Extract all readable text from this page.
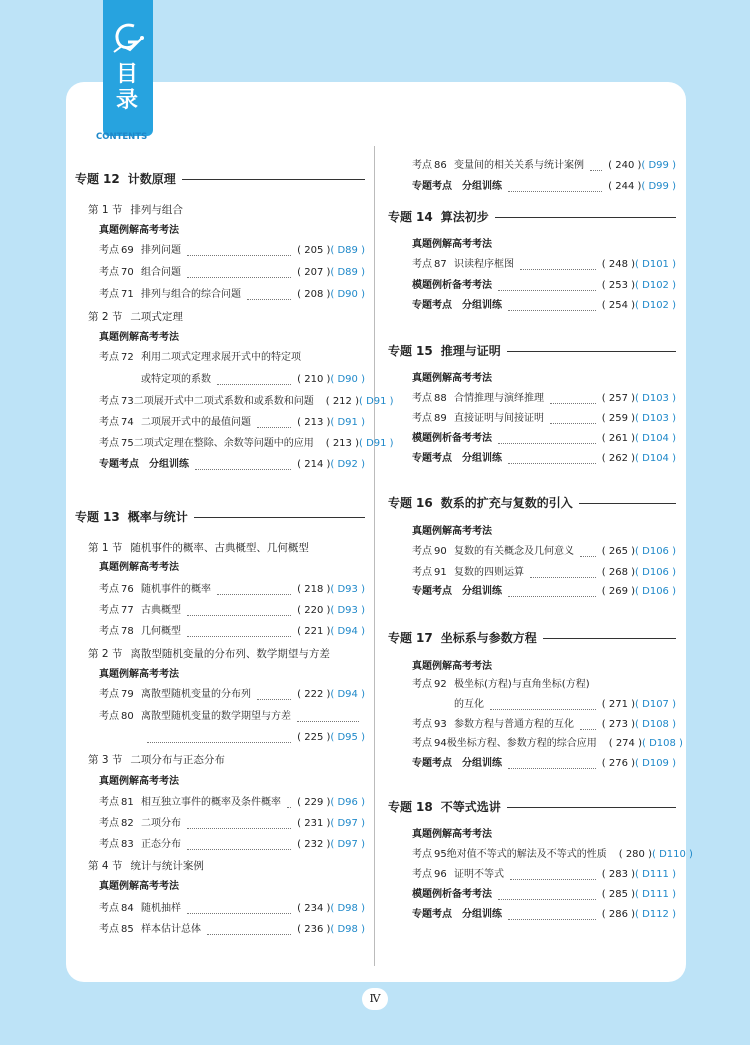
目录
CONTENTS
专题 12 计数原理
第 1 节 排列与组合
真题例解高考考法
考点 69 排列问题	( 205 ) ( D89 )
考点 70 组合问题	( 207 ) ( D89 )
考点 71 排列与组合的综合问题	( 208 ) ( D90 )
第 2 节 二项式定理
真题例解高考考法
考点 72 利用二项式定理求展开式中的特定项
或特定项的系数	( 210 ) ( D90 )
考点 73 二项展开式中二项式系数和或系数和问题 ( 212 ) ( D91 )
考点 74 二项展开式中的最值问题	( 213 ) ( D91 )
考点 75 二项式定理在整除、余数等问题中的应用 ( 213 ) ( D91 )
专题考点 分组训练	( 214 ) ( D92 )
专题 13 概率与统计
第 1 节 随机事件的概率、古典概型、几何概型
真题例解高考考法
考点 76 随机事件的概率	( 218 ) ( D93 )
考点 77 古典概型	( 220 ) ( D93 )
考点 78 几何概型	( 221 ) ( D94 )
第 2 节 离散型随机变量的分布列、数学期望与方差
真题例解高考考法
考点 79 离散型随机变量的分布列	( 222 ) ( D94 )
考点 80 离散型随机变量的数学期望与方差
( 225 ) ( D95 )
第 3 节 二项分布与正态分布
真题例解高考考法
考点 81 相互独立事件的概率及条件概率 ( 229 ) ( D96 )
考点 82 二项分布	( 231 ) ( D97 )
考点 83 正态分布	( 232 ) ( D97 )
第 4 节 统计与统计案例
真题例解高考考法
考点 84 随机抽样	( 234 ) ( D98 )
考点 85 样本估计总体	( 236 ) ( D98 )
考点 86 变量间的相关关系与统计案例 ( 240 ) ( D99 )
专题考点 分组训练	( 244 ) ( D99 )
专题 14 算法初步
真题例解高考考法
考点 87 识读程序框图	( 248 ) ( D101 )
模题例析备考考法	( 253 ) ( D102 )
专题考点 分组训练	( 254 ) ( D102 )
专题 15 推理与证明
真题例解高考考法
考点 88 合情推理与演绎推理	( 257 ) ( D103 )
考点 89 直接证明与间接证明	( 259 ) ( D103 )
模题例析备考考法	( 261 ) ( D104 )
专题考点 分组训练	( 262 ) ( D104 )
专题 16 数系的扩充与复数的引入
真题例解高考考法
考点 90 复数的有关概念及几何意义	( 265 ) ( D106 )
考点 91 复数的四则运算	( 268 ) ( D106 )
专题考点 分组训练	( 269 ) ( D106 )
专题 17 坐标系与参数方程
真题例解高考考法
考点 92 极坐标(方程)与直角坐标(方程)
的互化	( 271 ) ( D107 )
考点 93 参数方程与普通方程的互化	( 273 ) ( D108 )
考点 94 极坐标方程、参数方程的综合应用 ( 274 ) ( D108 )
专题考点 分组训练	( 276 ) ( D109 )
专题 18 不等式选讲
真题例解高考考法
考点 95 绝对值不等式的解法及不等式的性质 ( 280 ) ( D110 )
考点 96 证明不等式	( 283 ) ( D111 )
模题例析备考考法	( 285 ) ( D111 )
专题考点 分组训练	( 286 ) ( D112 )
Ⅳ
